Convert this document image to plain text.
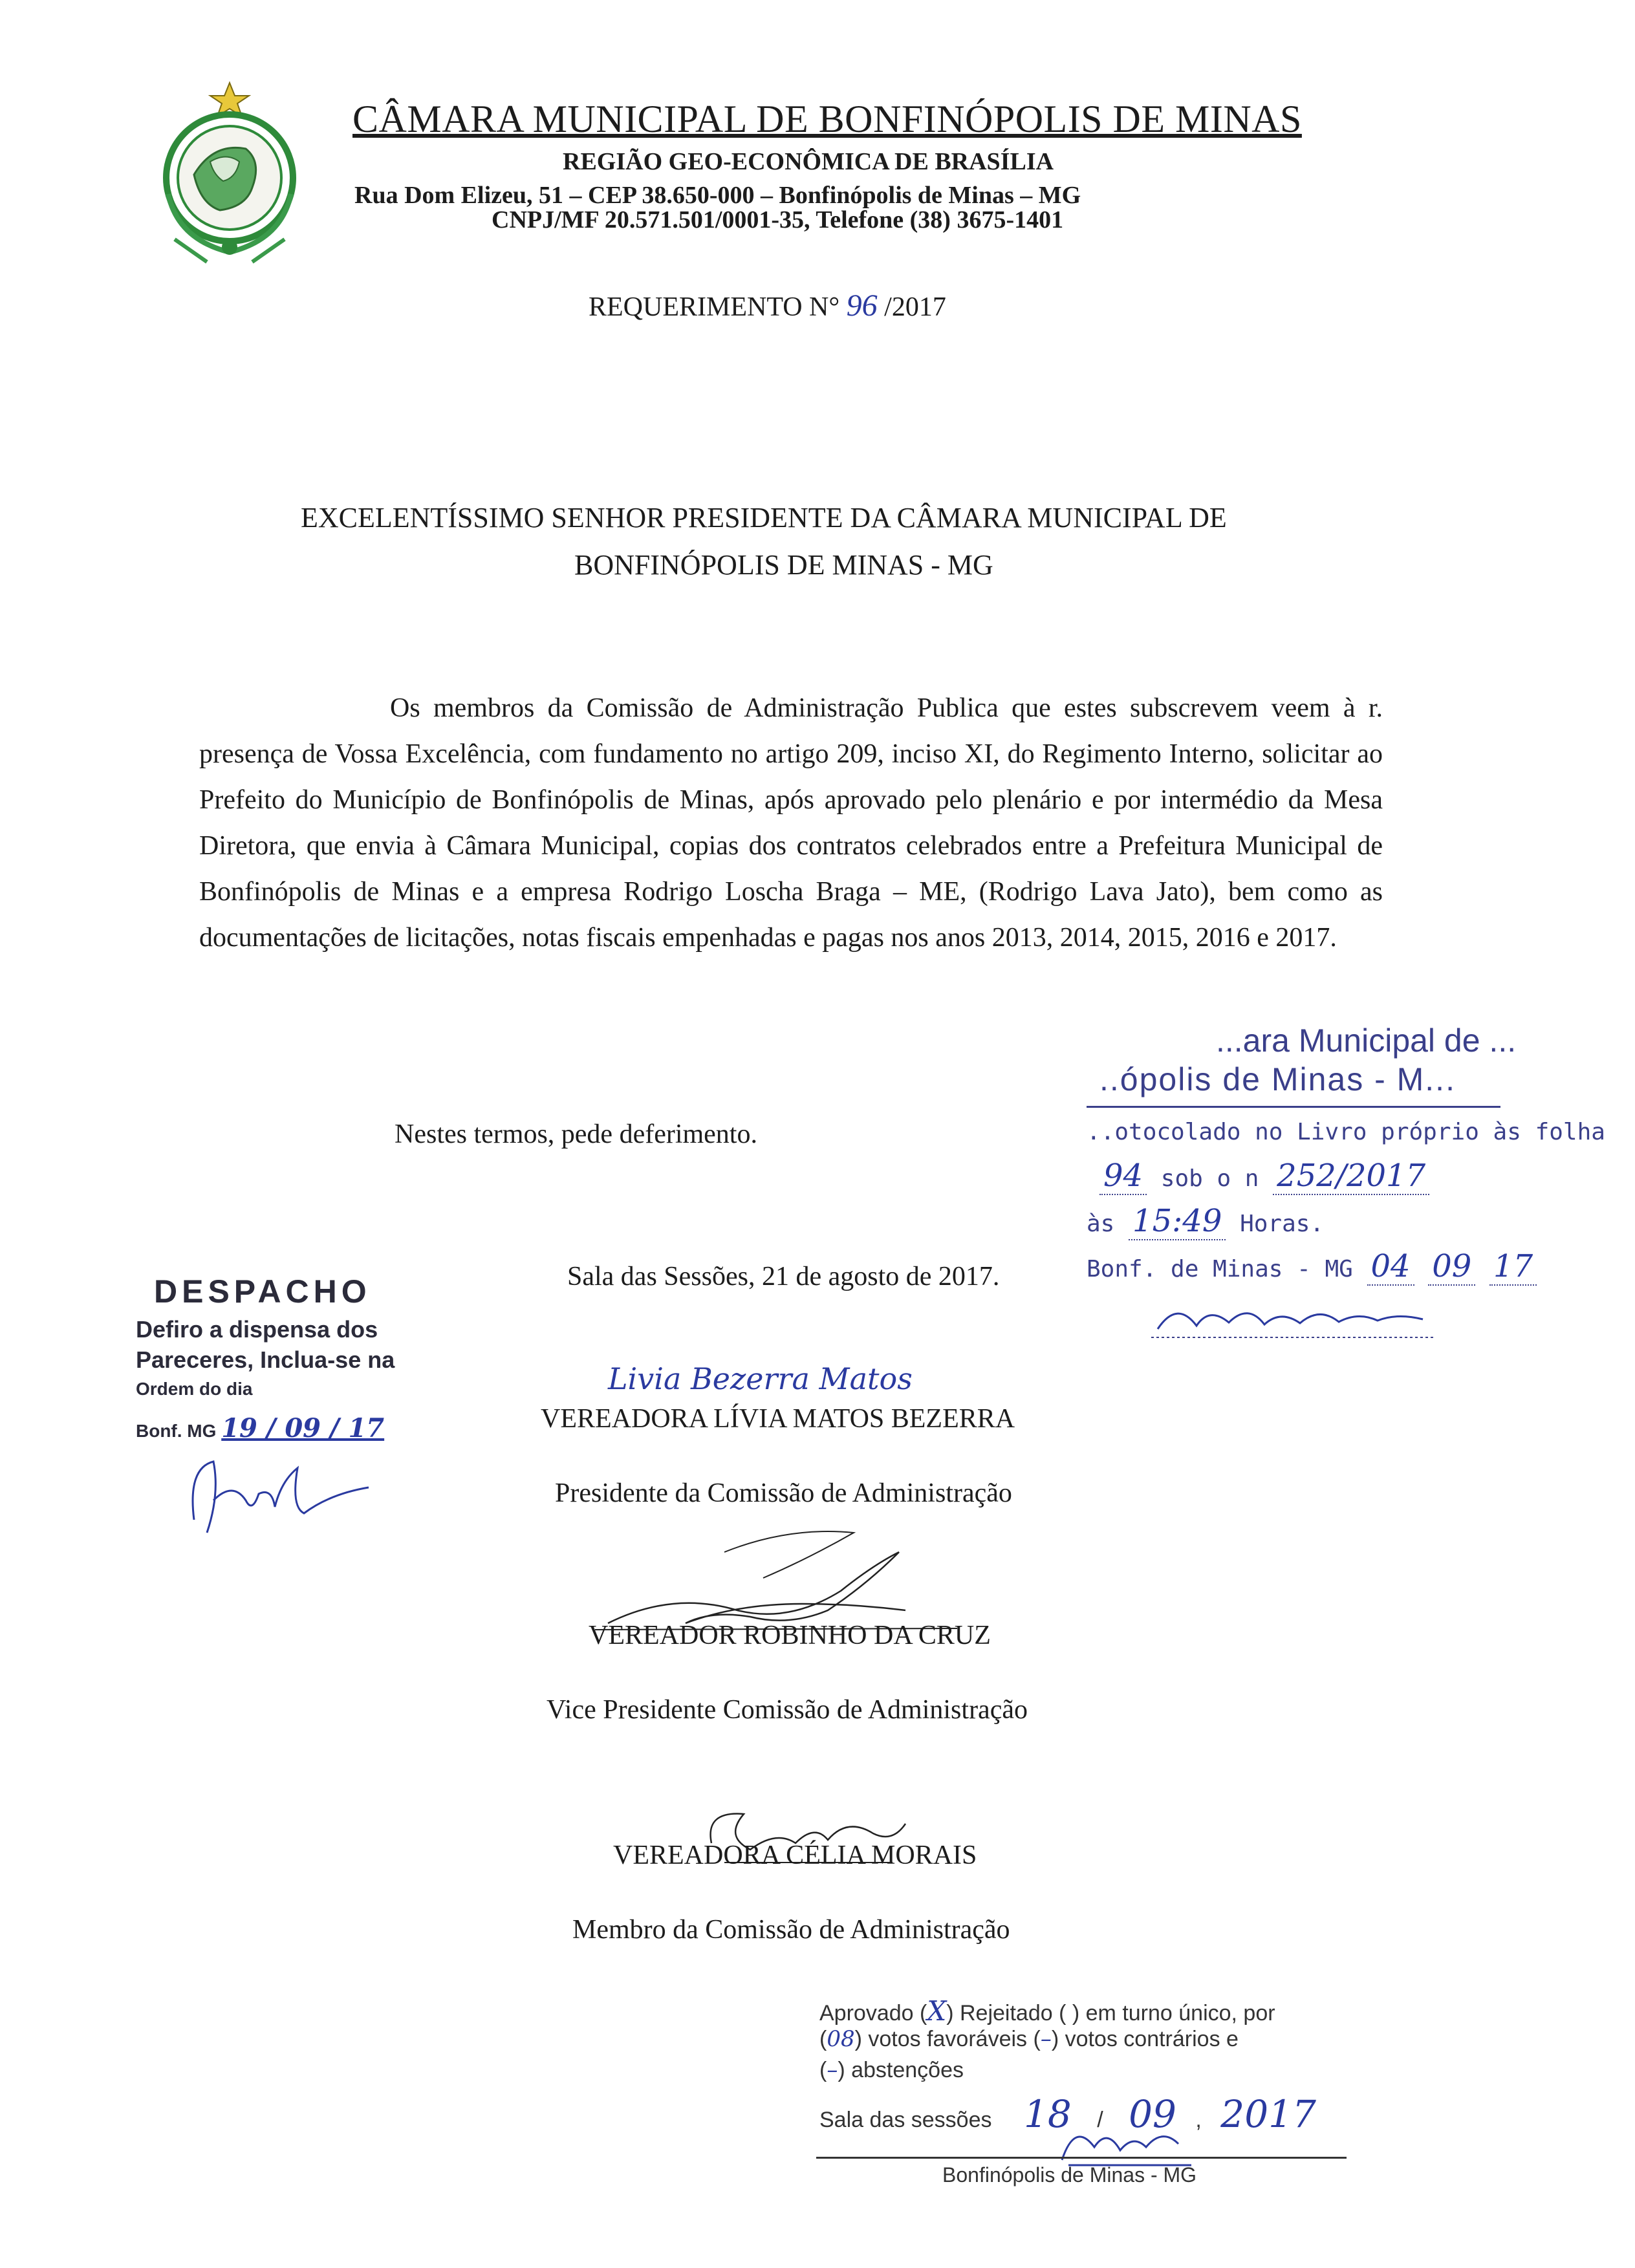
CÂMARA MUNICIPAL DE BONFINÓPOLIS DE MINAS
REGIÃO GEO-ECONÔMICA DE BRASÍLIA
Rua Dom Elizeu, 51 – CEP 38.650-000 – Bonfinópolis de Minas – MG
CNPJ/MF 20.571.501/0001-35, Telefone (38) 3675-1401
REQUERIMENTO N° 96 /2017
EXCELENTÍSSIMO SENHOR PRESIDENTE DA CÂMARA MUNICIPAL DE
BONFINÓPOLIS DE MINAS - MG

Os membros da Comissão de Administração Publica que estes subscrevem veem à r. presença de Vossa Excelência, com fundamento no artigo 209, inciso XI, do Regimento Interno, solicitar ao Prefeito do Município de Bonfinópolis de Minas, após aprovado pelo plenário e por intermédio da Mesa Diretora, que envia à Câmara Municipal, copias dos contratos celebrados entre a Prefeitura Municipal de Bonfinópolis de Minas e a empresa Rodrigo Loscha Braga – ME, (Rodrigo Lava Jato), bem como as documentações de licitações, notas fiscais empenhadas e pagas nos anos 2013, 2014, 2015, 2016 e 2017.

Nestes termos, pede deferimento.
...ara Municipal de ...
..ópolis de Minas - M...
..otocolado no Livro próprio às folha
94 sob o n 252/2017
às 15:49 Horas.
Bonf. de Minas - MG 04 09 17
Sala das Sessões, 21 de agosto de 2017.
DESPACHO
Defiro a dispensa dos
Pareceres, Inclua-se na
Ordem do dia
Bonf. MG 19 / 09 / 17
Livia Bezerra Matos
VEREADORA LÍVIA MATOS BEZERRA
Presidente da Comissão de Administração
VEREADOR ROBINHO DA CRUZ
Vice Presidente Comissão de Administração
VEREADORA CÉLIA MORAIS
Membro da Comissão de Administração
Aprovado (X) Rejeitado ( ) em turno único, por
(08) votos favoráveis (–) votos contrários e
(–) abstenções
Sala das sessões 18 / 09 , 2017
Bonfinópolis de Minas - MG
